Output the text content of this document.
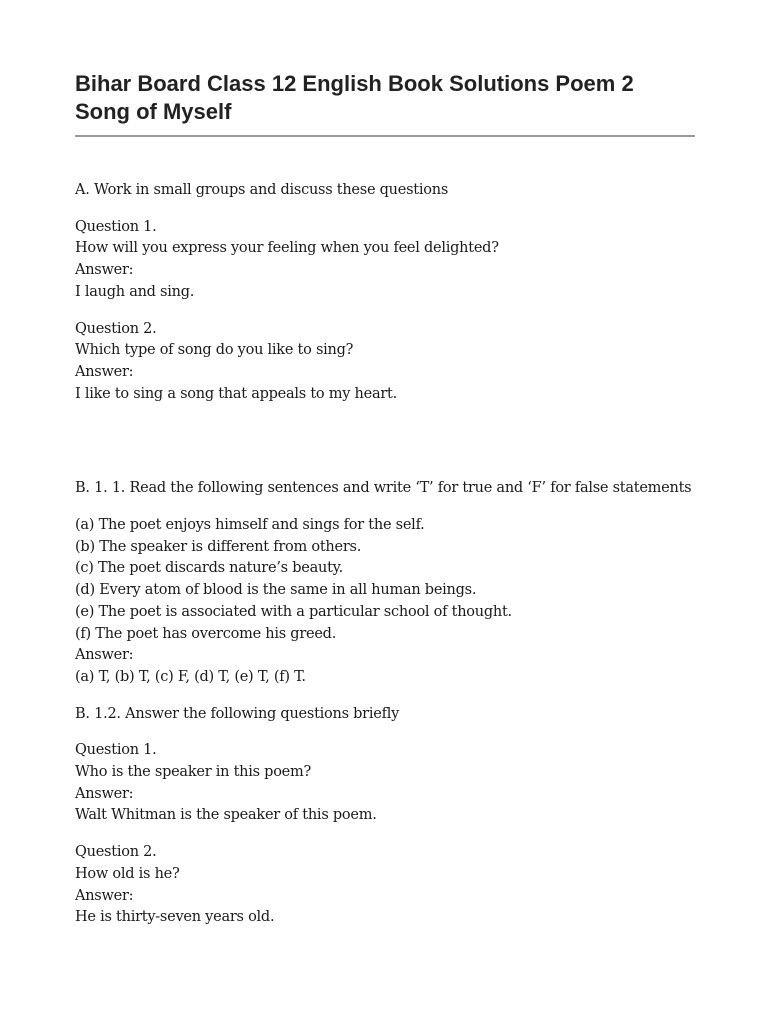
Bihar Board Class 12 English Book Solutions Poem 2
Song of Myself
A. Work in small groups and discuss these questions
Question 1.
How will you express your feeling when you feel delighted?
Answer:
I laugh and sing.
Question 2.
Which type of song do you like to sing?
Answer:
I like to sing a song that appeals to my heart.
B. 1. 1. Read the following sentences and write ‘T’ for true and ‘F’ for false statements
(a) The poet enjoys himself and sings for the self.
(b) The speaker is different from others.
(c) The poet discards nature’s beauty.
(d) Every atom of blood is the same in all human beings.
(e) The poet is associated with a particular school of thought.
(f) The poet has overcome his greed.
Answer:
(a) T, (b) T, (c) F, (d) T, (e) T, (f) T.
B. 1.2. Answer the following questions briefly
Question 1.
Who is the speaker in this poem?
Answer:
Walt Whitman is the speaker of this poem.
Question 2.
How old is he?
Answer:
He is thirty-seven years old.
